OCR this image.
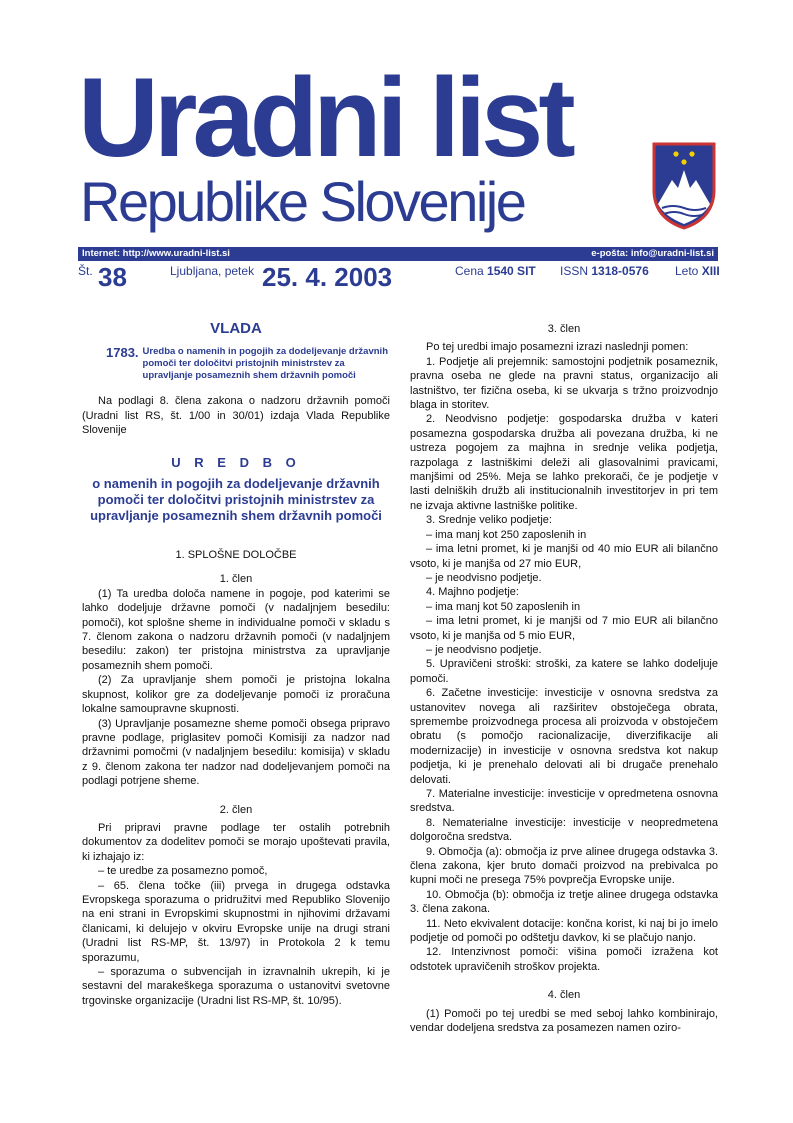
Uradni list
Republike Slovenije
Internet: http://www.uradni-list.si	e-pošta: info@uradni-list.si
Št. 38	Ljubljana, petek 25. 4. 2003	Cena 1540 SIT ISSN 1318-0576 Leto XIII
VLADA
1783. Uredba o namenih in pogojih za dodeljevanje državnih pomoči ter določitvi pristojnih ministrstev za upravljanje posameznih shem državnih pomoči

Na podlagi 8. člena zakona o nadzoru državnih pomoči (Uradni list RS, št. 1/00 in 30/01) izdaja Vlada Republike Slovenije

U R E D B O
o namenih in pogojih za dodeljevanje državnih pomoči ter določitvi pristojnih ministrstev za upravljanje posameznih shem državnih pomoči

1. SPLOŠNE DOLOČBE

1. člen

(1) Ta uredba določa namene in pogoje, pod katerimi se lahko dodeljuje državne pomoči (v nadaljnjem besedilu: pomoči), kot splošne sheme in individualne pomoči v skladu s 7. členom zakona o nadzoru državnih pomoči (v nadaljnjem besedilu: zakon) ter pristojna ministrstva za upravljanje posameznih shem pomoči.

(2) Za upravljanje shem pomoči je pristojna lokalna skupnost, kolikor gre za dodeljevanje pomoči iz proračuna lokalne samoupravne skupnosti.

(3) Upravljanje posamezne sheme pomoči obsega pripravo pravne podlage, priglasitev pomoči Komisiji za nadzor nad državnimi pomočmi (v nadaljnjem besedilu: komisija) v skladu z 9. členom zakona ter nadzor nad dodeljevanjem pomoči na podlagi potrjene sheme.

2. člen

Pri pripravi pravne podlage ter ostalih potrebnih dokumentov za dodelitev pomoči se morajo upoštevati pravila, ki izhajajo iz:

– te uredbe za posamezno pomoč,

– 65. člena točke (iii) prvega in drugega odstavka Evropskega sporazuma o pridružitvi med Republiko Slovenijo na eni strani in Evropskimi skupnostmi in njihovimi državami članicami, ki delujejo v okviru Evropske unije na drugi strani (Uradni list RS-MP, št. 13/97) in Protokola 2 k temu sporazumu,

– sporazuma o subvencijah in izravnalnih ukrepih, ki je sestavni del marakeškega sporazuma o ustanovitvi svetovne trgovinske organizacije (Uradni list RS-MP, št. 10/95).

3. člen

Po tej uredbi imajo posamezni izrazi naslednji pomen:

1. Podjetje ali prejemnik: samostojni podjetnik posameznik, pravna oseba ne glede na pravni status, organizacijo ali lastništvo, ter fizična oseba, ki se ukvarja s tržno proizvodnjo blaga in storitev.

2. Neodvisno podjetje: gospodarska družba v kateri posamezna gospodarska družba ali povezana družba, ki ne ustreza pogojem za majhna in srednje velika podjetja, razpolaga z lastniškimi deleži ali glasovalnimi pravicami, manjšimi od 25%. Meja se lahko prekorači, če je podjetje v lasti delniških družb ali institucionalnih investitorjev in pri tem ne izvaja aktivne lastniške politike.

3. Srednje veliko podjetje:

– ima manj kot 250 zaposlenih in

– ima letni promet, ki je manjši od 40 mio EUR ali bilančno vsoto, ki je manjša od 27 mio EUR,

– je neodvisno podjetje.

4. Majhno podjetje:

– ima manj kot 50 zaposlenih in

– ima letni promet, ki je manjši od 7 mio EUR ali bilančno vsoto, ki je manjša od 5 mio EUR,

– je neodvisno podjetje.

5. Upravičeni stroški: stroški, za katere se lahko dodeljuje pomoči.

6. Začetne investicije: investicije v osnovna sredstva za ustanovitev novega ali razširitev obstoječega obrata, spremembe proizvodnega procesa ali proizvoda v obstoječem obratu (s pomočjo racionalizacije, diverzifikacije ali modernizacije) in investicije v osnovna sredstva kot nakup podjetja, ki je prenehalo delovati ali bi drugače prenehalo delovati.

7. Materialne investicije: investicije v opredmetena osnovna sredstva.

8. Nematerialne investicije: investicije v neopredmetena dolgoročna sredstva.

9. Območja (a): območja iz prve alinee drugega odstavka 3. člena zakona, kjer bruto domači proizvod na prebivalca po kupni moči ne presega 75% povprečja Evropske unije.

10. Območja (b): območja iz tretje alinee drugega odstavka 3. člena zakona.

11. Neto ekvivalent dotacije: končna korist, ki naj bi jo imelo podjetje od pomoči po odštetju davkov, ki se plačujo nanjo.

12. Intenzivnost pomoči: višina pomoči izražena kot odstotek upravičenih stroškov projekta.

4. člen

(1) Pomoči po tej uredbi se med seboj lahko kombinirajo, vendar dodeljena sredstva za posamezen namen oziro-
